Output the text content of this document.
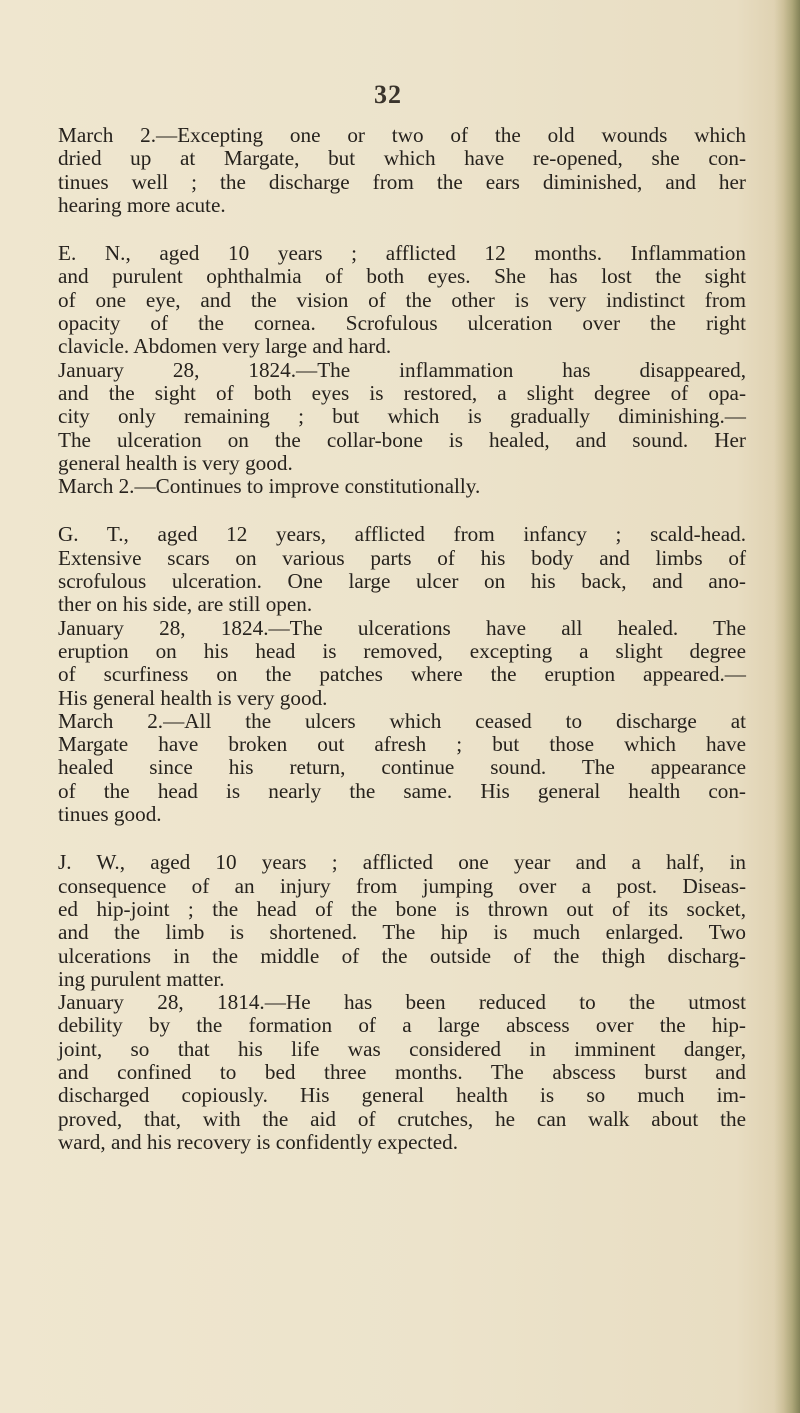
32
March 2.—Excepting one or two of the old wounds which
dried up at Margate, but which have re-opened, she con-
tinues well ; the discharge from the ears diminished, and her
hearing more acute.
E. N., aged 10 years ; afflicted 12 months. Inflammation
and purulent ophthalmia of both eyes. She has lost the sight
of one eye, and the vision of the other is very indistinct from
opacity of the cornea. Scrofulous ulceration over the right
clavicle. Abdomen very large and hard.
January 28, 1824.—The inflammation has disappeared,
and the sight of both eyes is restored, a slight degree of opa-
city only remaining ; but which is gradually diminishing.—
The ulceration on the collar-bone is healed, and sound. Her
general health is very good.
March 2.—Continues to improve constitutionally.
G. T., aged 12 years, afflicted from infancy ; scald-head.
Extensive scars on various parts of his body and limbs of
scrofulous ulceration. One large ulcer on his back, and ano-
ther on his side, are still open.
January 28, 1824.—The ulcerations have all healed. The
eruption on his head is removed, excepting a slight degree
of scurfiness on the patches where the eruption appeared.—
His general health is very good.
March 2.—All the ulcers which ceased to discharge at
Margate have broken out afresh ; but those which have
healed since his return, continue sound. The appearance
of the head is nearly the same. His general health con-
tinues good.
J. W., aged 10 years ; afflicted one year and a half, in
consequence of an injury from jumping over a post. Diseas-
ed hip-joint ; the head of the bone is thrown out of its socket,
and the limb is shortened. The hip is much enlarged. Two
ulcerations in the middle of the outside of the thigh discharg-
ing purulent matter.
January 28, 1814.—He has been reduced to the utmost
debility by the formation of a large abscess over the hip-
joint, so that his life was considered in imminent danger,
and confined to bed three months. The abscess burst and
discharged copiously. His general health is so much im-
proved, that, with the aid of crutches, he can walk about the
ward, and his recovery is confidently expected.
